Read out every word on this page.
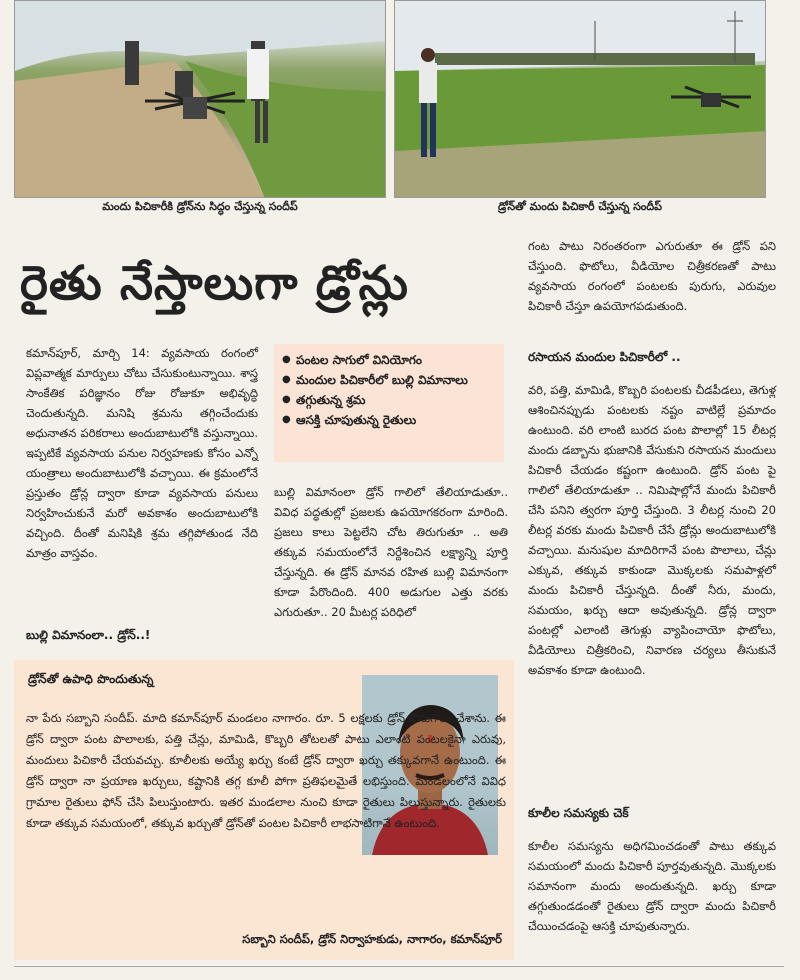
మందు పిచికారీకి డ్రోన్‌ను సిద్ధం చేస్తున్న సందీప్‌	డ్రోన్‌తో మందు పిచికారీ చేస్తున్న సందీప్‌
రైతు నేస్తాలుగా డ్రోన్లు

కమాన్‌పూర్‌, మార్చి 14: వ్యవసాయ రంగంలో విప్లవాత్మక మార్పులు చోటు చేసుకుంటున్నాయి. శాస్త్ర సాంకేతిక పరిజ్ఞానం రోజు రోజుకూ అభివృద్ధి చెందుతున్నది. మనిషి శ్రమను తగ్గించేందుకు అధునాతన పరికరాలు అందుబాటులోకి వస్తున్నాయి. ఇప్పటికే వ్యవసాయ పనుల నిర్వహణకు కోసం ఎన్నో యంత్రాలు అందుబాటులోకి వచ్చాయి. ఈ క్రమంలోనే ప్రస్తుతం డ్రోన్ల ద్వారా కూడా వ్యవసాయ పనులు నిర్వహించుకునే మరో అవకాశం అందుబాటులోకి వచ్చింది. దీంతో మనిషికి శ్రమ తగ్గిపోతుండ నేది మాత్రం వాస్తవం.

బుల్లి విమానంలా.. డ్రోన్‌..!
● పంటల సాగులో వినియోగం
● మందుల పిచికారీలో బుల్లి విమానాలు
● తగ్గుతున్న శ్రమ
● ఆసక్తి చూపుతున్న రైతులు

బుల్లి విమానంలా డ్రోన్ గాలిలో తేలియాడుతూ.. వివిధ పద్ధతుల్లో ప్రజలకు ఉపయోగకరంగా మారింది. ప్రజలు కాలు పెట్టలేని చోట తిరుగుతూ .. అతి తక్కువ సమయంలోనే నిర్దేశించిన లక్ష్యాన్ని పూర్తి చేస్తున్నది. ఈ డ్రోన్ మానవ రహిత బుల్లి విమానంగా కూడా పేరొందింది. 400 అడుగుల ఎత్తు వరకు ఎగురుతూ.. 20 మీటర్ల పరిధిలో

గంట పాటు నిరంతరంగా ఎగురుతూ ఈ డ్రోన్ పని చేస్తుంది. ఫొటోలు, వీడియోల చిత్రీకరణతో పాటు వ్యవసాయ రంగంలో పంటలకు పురుగు, ఎరువుల పిచికారీ చేస్తూ ఉపయోగపడుతుంది.

రసాయన మందుల పిచికారీలో ..

వరి, పత్తి, మామిడి, కొబ్బరి పంటలకు చీడపీడలు, తెగుళ్ల ఆశించినప్పుడు పంటలకు నష్టం వాటిల్లే ప్రమాదం ఉంటుంది. వరి లాంటి బురద పంట పొలాల్లో 15 లీటర్ల మందు డబ్బాను భుజానికి వేసుకుని రసాయన మందులు పిచికారీ చేయడం కష్టంగా ఉంటుంది. డ్రోన్ పంట పై గాలిలో తేలియాడుతూ .. నిమిషాల్లోనే మందు పిచికారీ చేసి పనిని త్వరగా పూర్తి చేస్తుంది. 3 లీటర్ల నుంచి 20 లీటర్ల వరకు మందు పిచికారీ చేసే డ్రోన్లు అందుబాటులోకి వచ్చాయి. మనుషుల మాదిరిగానే పంట పొలాలు, చేన్లు ఎక్కువ, తక్కువ కాకుండా మొక్కలకు సమపాళ్లలో మందు పిచికారీ చేస్తున్నది. దీంతో నీరు, మందు, సమయం, ఖర్చు ఆదా అవుతున్నది. డ్రోన్ల ద్వారా పంటల్లో ఎలాంటి తెగుళ్లు వ్యాపించాయో ఫొటోలు, వీడియోలు చిత్రీకరించి, నివారణ చర్యలు తీసుకునే అవకాశం కూడా ఉంటుంది.

కూలీల సమస్యకు చెక్‌

కూలీల సమస్యను అధిగమించడంతో పాటు తక్కువ సమయంలో మందు పిచికారీ పూర్తవుతున్నది. మొక్కలకు సమానంగా మందు అందుతున్నది. ఖర్చు కూడా తగ్గుతుండడంతో రైతులు డ్రోన్ ద్వారా మందు పిచికారీ చేయించడంపై ఆసక్తి చూపుతున్నారు.

డ్రోన్‌తో ఉపాధి పొందుతున్న

నా పేరు సబ్బాని సందీప్‌. మాది కమాన్‌పూర్‌ మండలం నాగారం. రూ. 5 లక్షలకు డ్రోన్ కొనుగోలు చేశాను. ఈ డ్రోన్ ద్వారా పంట పొలాలకు, పత్తి చేన్లు, మామిడి, కొబ్బరి తోటలతో పాటు ఎలాంటి పంటలకైనా ఎరువు, మందులు పిచికారీ చేయవచ్చు. కూలీలకు అయ్యే ఖర్చు కంటే డ్రోన్ ద్వారా ఖర్చు తక్కువగానే ఉంటుంది. ఈ డ్రోన్ ద్వారా నా ప్రయాణ ఖర్చులు, కష్టానికి తగ్గ కూలీ పోగా ప్రతిఫలమైతే లభిస్తుంది. మండలంలోనే వివిధ గ్రామాల రైతులు ఫోన్ చేసి పిలుస్తుంటారు. ఇతర మండలాల నుంచి కూడా రైతులు పిలుస్తున్నారు. రైతులకు కూడా తక్కువ సమయంలో, తక్కువ ఖర్చుతో డ్రోన్‌తో పంటల పిచికారీ లాభసాటిగానే ఉంటుంది.

సబ్బాని సందీప్‌, డ్రోన్ నిర్వాహకుడు, నాగారం, కమాన్‌పూర్‌
